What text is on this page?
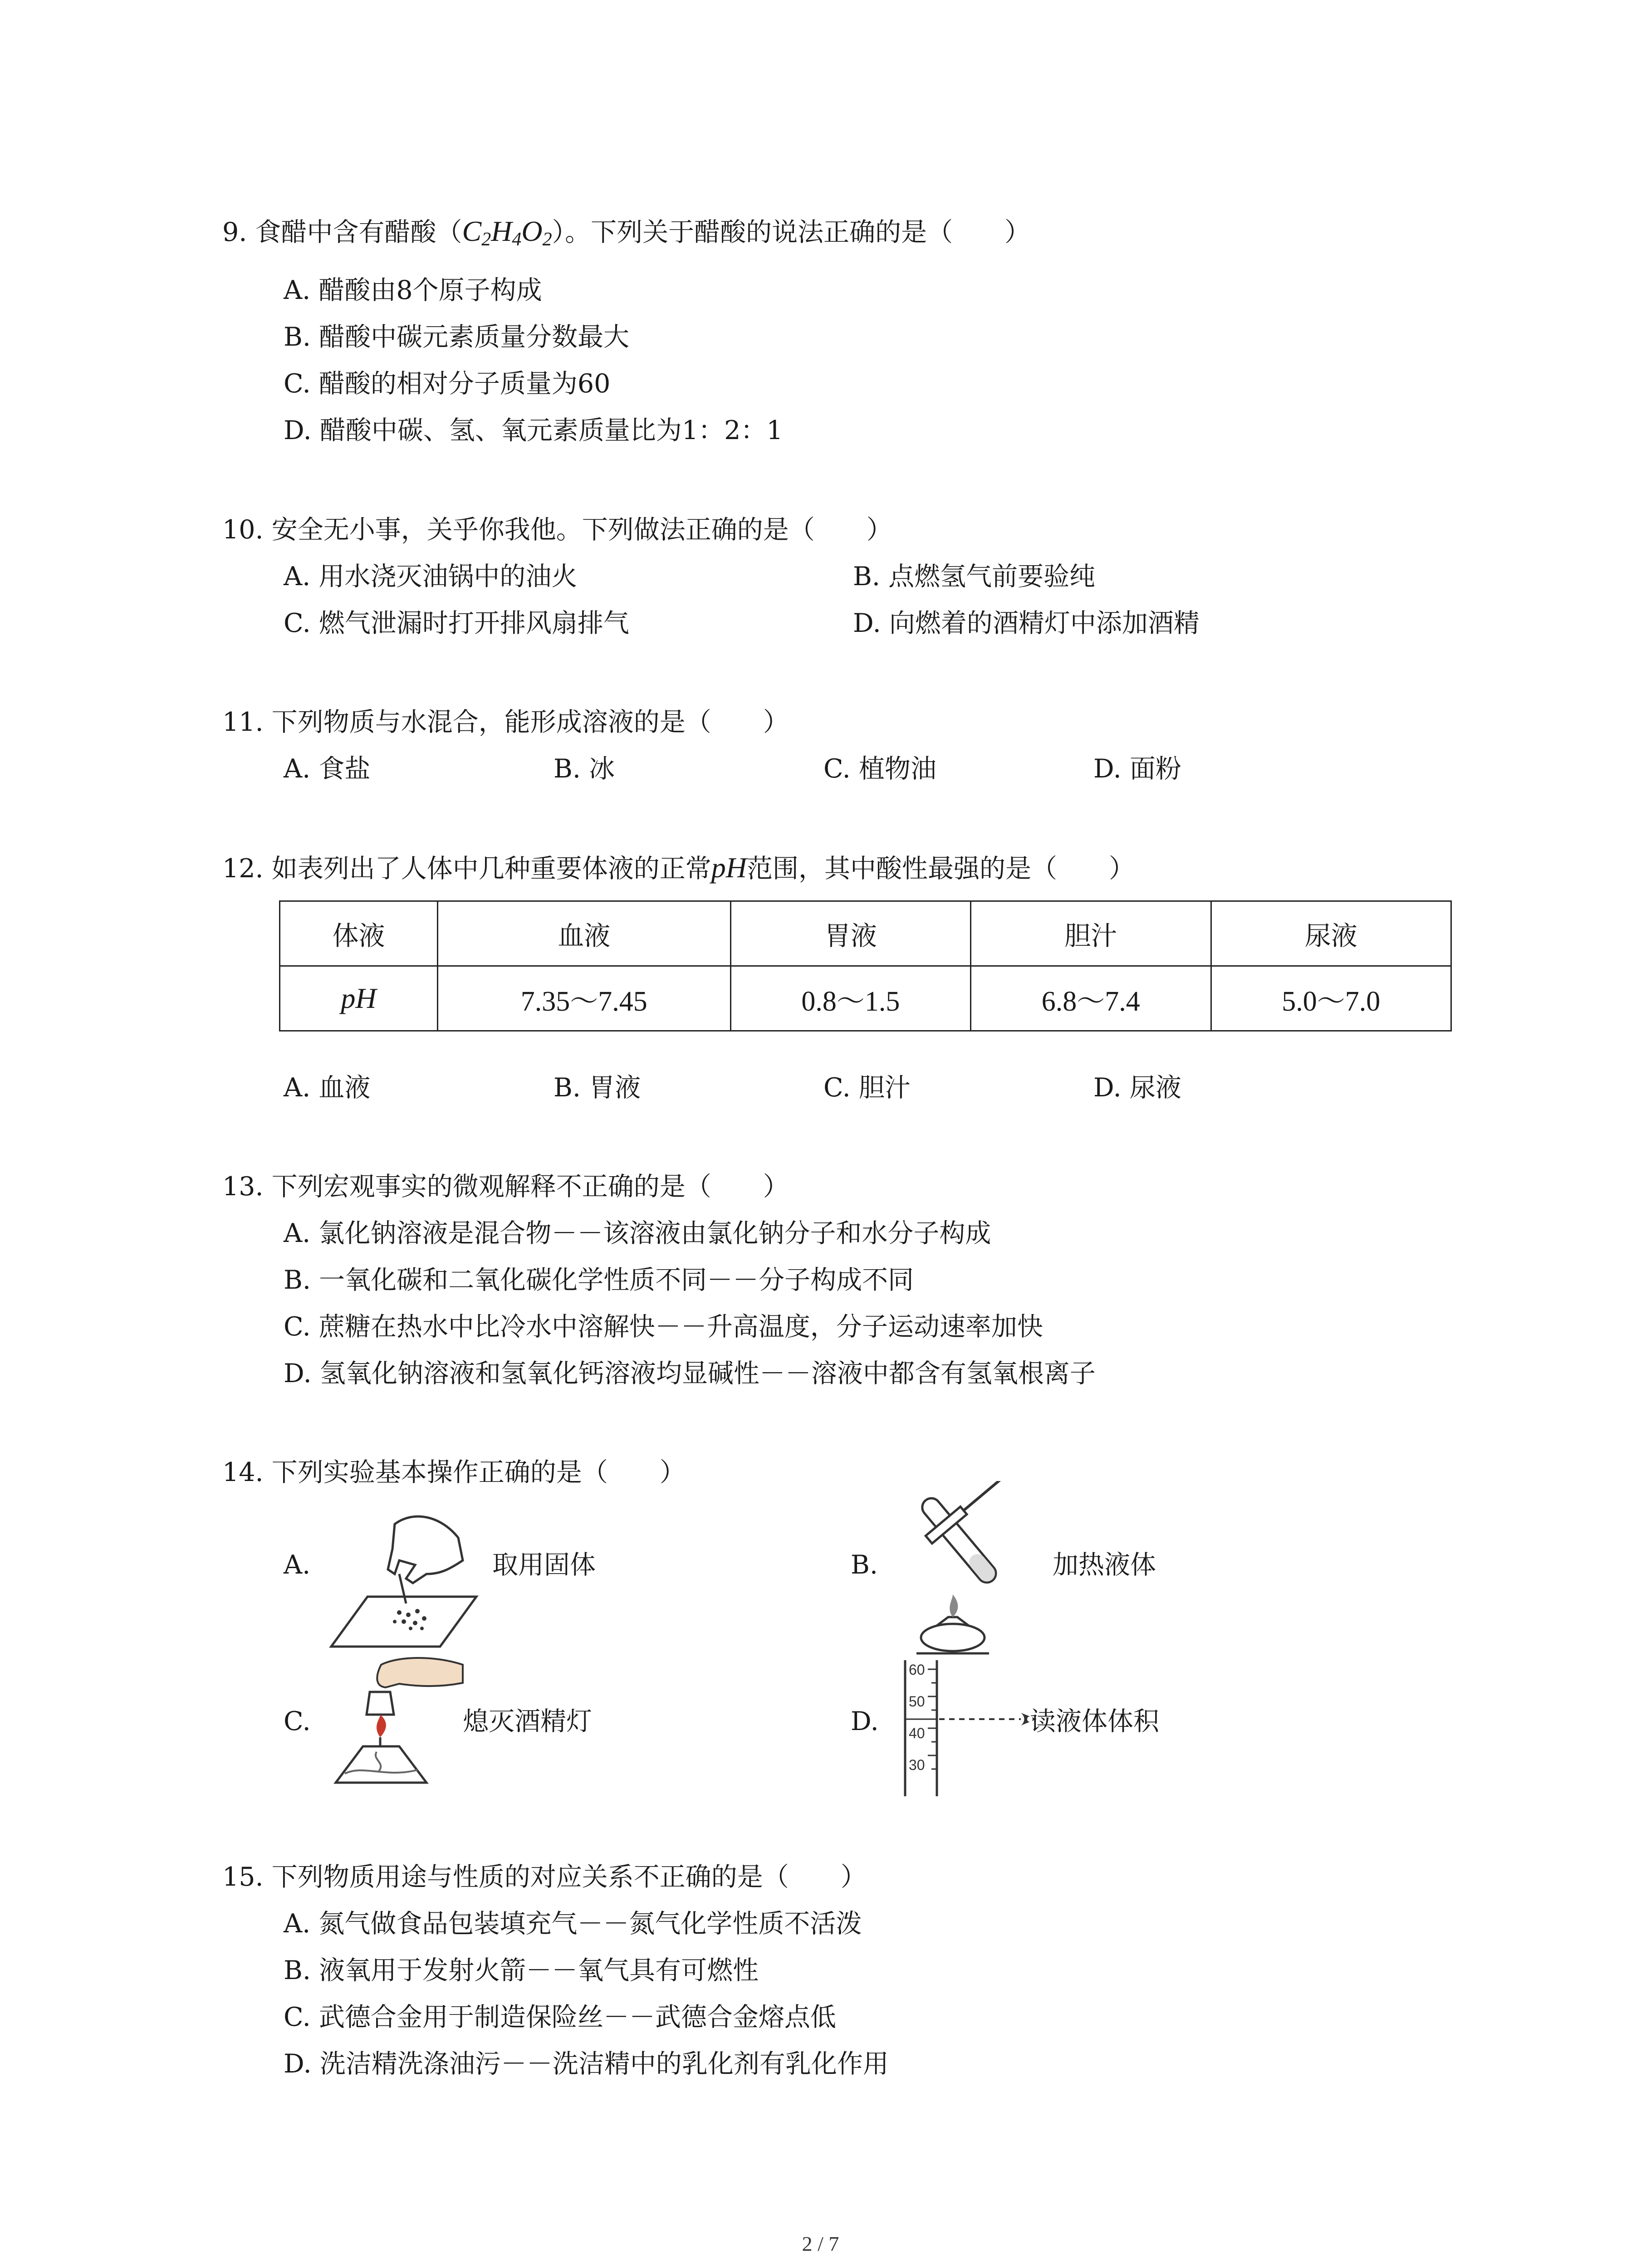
9. 食醋中含有醋酸$(C_2H_4O_2)$。下列关于醋酸的说法正确的是（　　）
A. 醋酸由8个原子构成
B. 醋酸中碳元素质量分数最大
C. 醋酸的相对分子质量为60
D. 醋酸中碳、氢、氧元素质量比为1：2：1
10. 安全无小事，关乎你我他。下列做法正确的是（　　）
A. 用水浇灭油锅中的油火	B. 点燃氢气前要验纯
C. 燃气泄漏时打开排风扇排气	D. 向燃着的酒精灯中添加酒精
11. 下列物质与水混合，能形成溶液的是（　　）
A. 食盐	B. 冰	C. 植物油	D. 面粉
12. 如表列出了人体中几种重要体液的正常pH范围，其中酸性最强的是（　　）
体液	血液	胃液	胆汁	尿液
pH	7.35～7.45	0.8～1.5	6.8～7.4	5.0～7.0
A. 血液	B. 胃液	C. 胆汁	D. 尿液
13. 下列宏观事实的微观解释不正确的是（　　）
A. 氯化钠溶液是混合物－－该溶液由氯化钠分子和水分子构成
B. 一氧化碳和二氧化碳化学性质不同－－分子构成不同
C. 蔗糖在热水中比冷水中溶解快－－升高温度，分子运动速率加快
D. 氢氧化钠溶液和氢氧化钙溶液均显碱性－－溶液中都含有氢氧根离子
14. 下列实验基本操作正确的是（　　）
A.	取用固体	B.	加热液体
C.	熄灭酒精灯	D.
60
50
40
30
读液体体积
15. 下列物质用途与性质的对应关系不正确的是（　　）
A. 氮气做食品包装填充气－－氮气化学性质不活泼
B. 液氧用于发射火箭－－氧气具有可燃性
C. 武德合金用于制造保险丝－－武德合金熔点低
D. 洗洁精洗涤油污－－洗洁精中的乳化剂有乳化作用
2 / 7
